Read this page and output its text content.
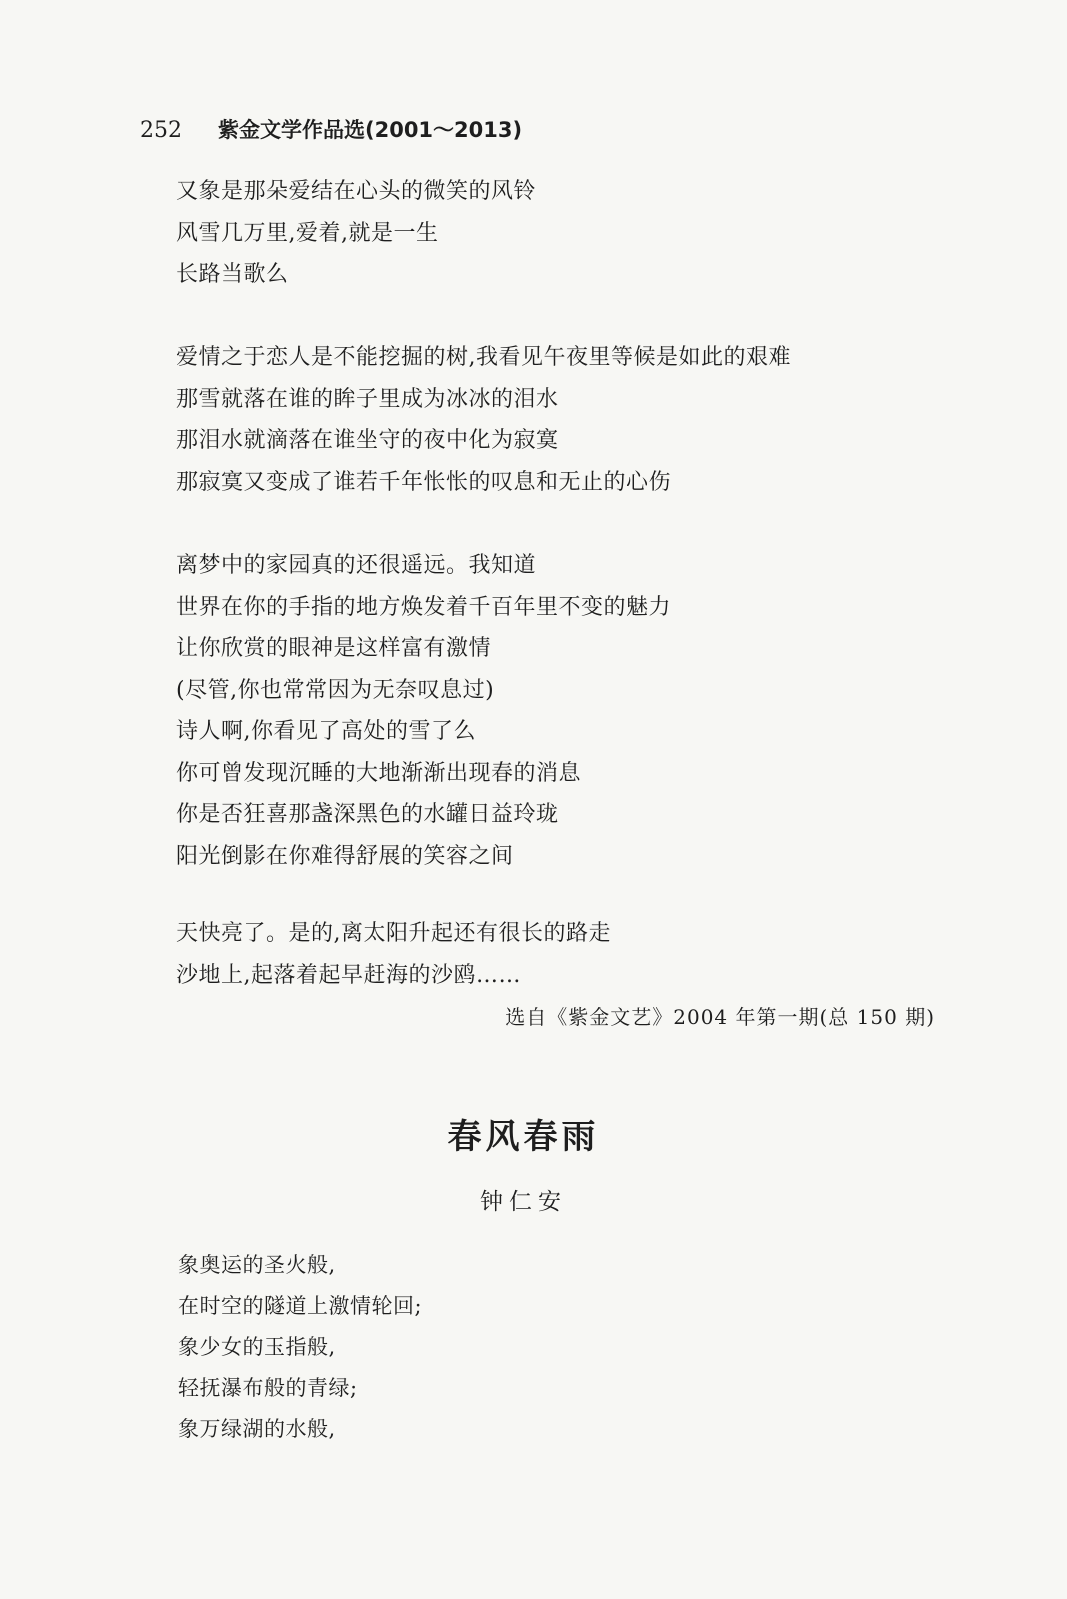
252 紫金文学作品选(2001～2013)
又象是那朵爱结在心头的微笑的风铃
风雪几万里,爱着,就是一生
长路当歌么
爱情之于恋人是不能挖掘的树,我看见午夜里等候是如此的艰难
那雪就落在谁的眸子里成为冰冰的泪水
那泪水就滴落在谁坐守的夜中化为寂寞
那寂寞又变成了谁若千年怅怅的叹息和无止的心伤
离梦中的家园真的还很遥远。我知道
世界在你的手指的地方焕发着千百年里不变的魅力
让你欣赏的眼神是这样富有激情
(尽管,你也常常因为无奈叹息过)
诗人啊,你看见了高处的雪了么
你可曾发现沉睡的大地渐渐出现春的消息
你是否狂喜那盏深黑色的水罐日益玲珑
阳光倒影在你难得舒展的笑容之间
天快亮了。是的,离太阳升起还有很长的路走
沙地上,起落着起早赶海的沙鸥……
选自《紫金文艺》2004 年第一期(总 150 期)
春风春雨
钟仁安
象奥运的圣火般,
在时空的隧道上激情轮回;
象少女的玉指般,
轻抚瀑布般的青绿;
象万绿湖的水般,
